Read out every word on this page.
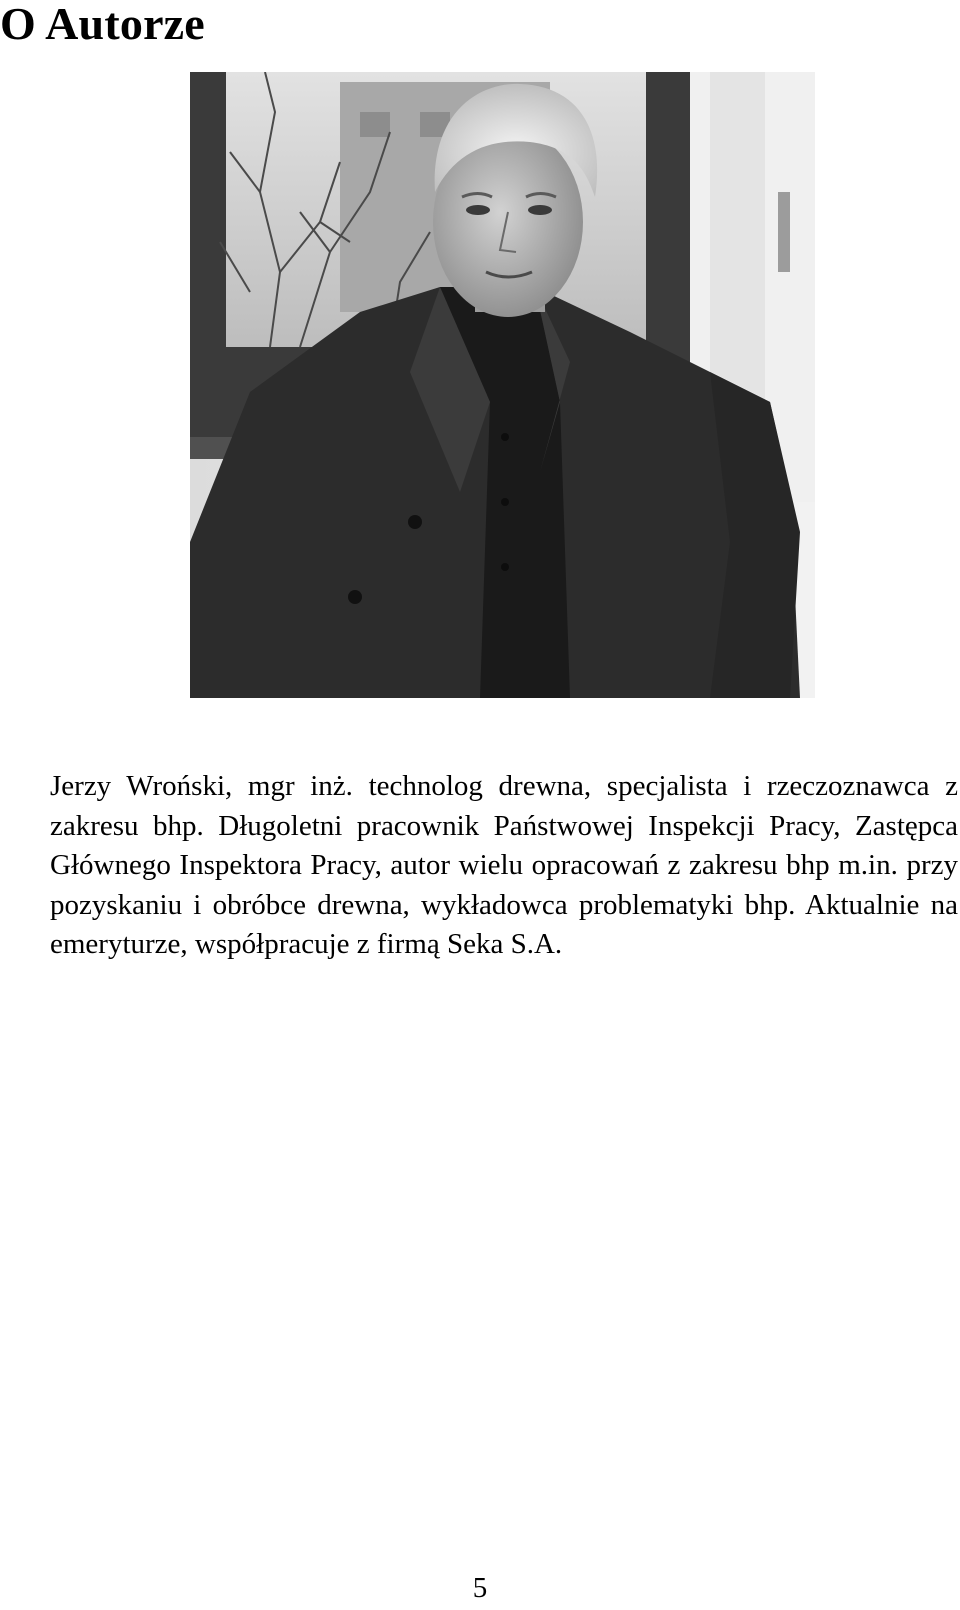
O Autorze

Jerzy Wroński, mgr inż. technolog drewna, specjalista i rzeczoznawca z zakresu bhp. Długoletni pracownik Państwowej Inspekcji Pracy, Zastępca Głównego Inspektora Pracy, autor wielu opracowań z zakresu bhp m.in. przy pozyskaniu i obróbce drewna, wykładowca problematyki bhp. Aktualnie na emeryturze, współpracuje z firmą Seka S.A.

5
